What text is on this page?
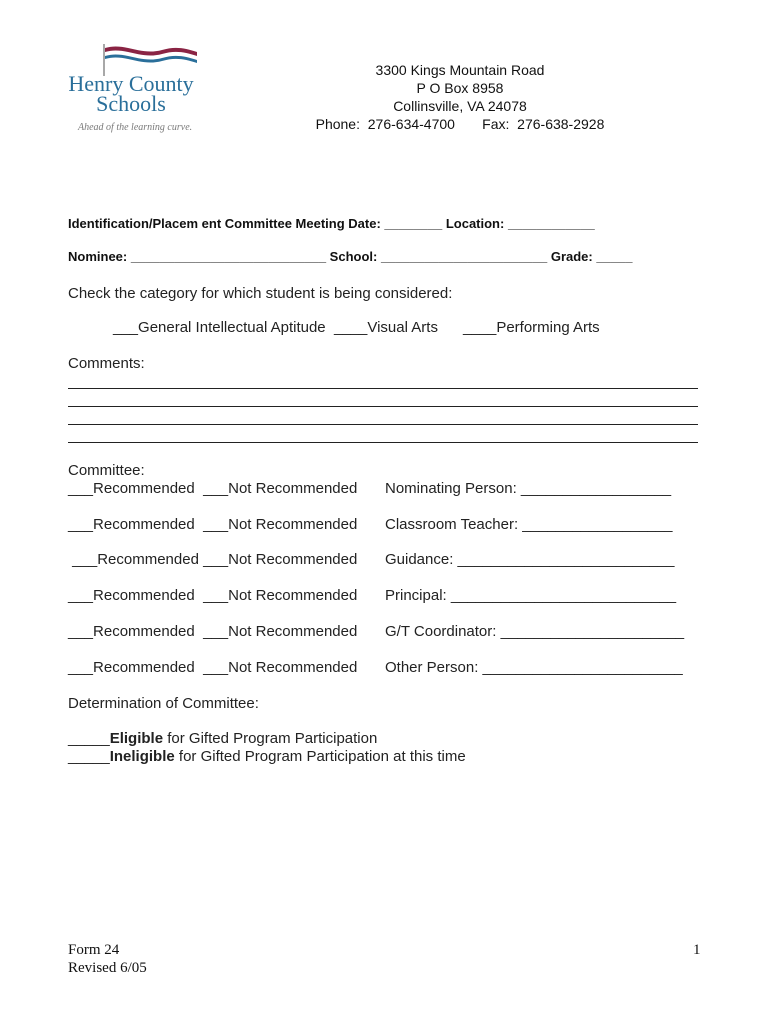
Henry County
Schools
Ahead of the learning curve.
3300 Kings Mountain Road
P O Box 8958
Collinsville, VA 24078
Phone:  276-634-4700       Fax:  276-638-2928
Identification/Placem ent Committee Meeting Date: ________ Location: ____________
Nominee: ___________________________ School: _______________________ Grade: _____
Check the category for which student is being considered:
___General Intellectual Aptitude  ____Visual Arts      ____Performing Arts
Comments:
Committee:
___Recommended  ___Not Recommended Nominating Person: __________________
___Recommended  ___Not Recommended Classroom Teacher: __________________
___Recommended ___Not Recommended Guidance: __________________________
___Recommended  ___Not Recommended Principal: ___________________________
___Recommended  ___Not Recommended G/T Coordinator: ______________________
___Recommended  ___Not Recommended Other Person: ________________________
Determination of Committee:
_____Eligible for Gifted Program Participation
_____Ineligible for Gifted Program Participation at this time
Form 24
Revised 6/05
1
